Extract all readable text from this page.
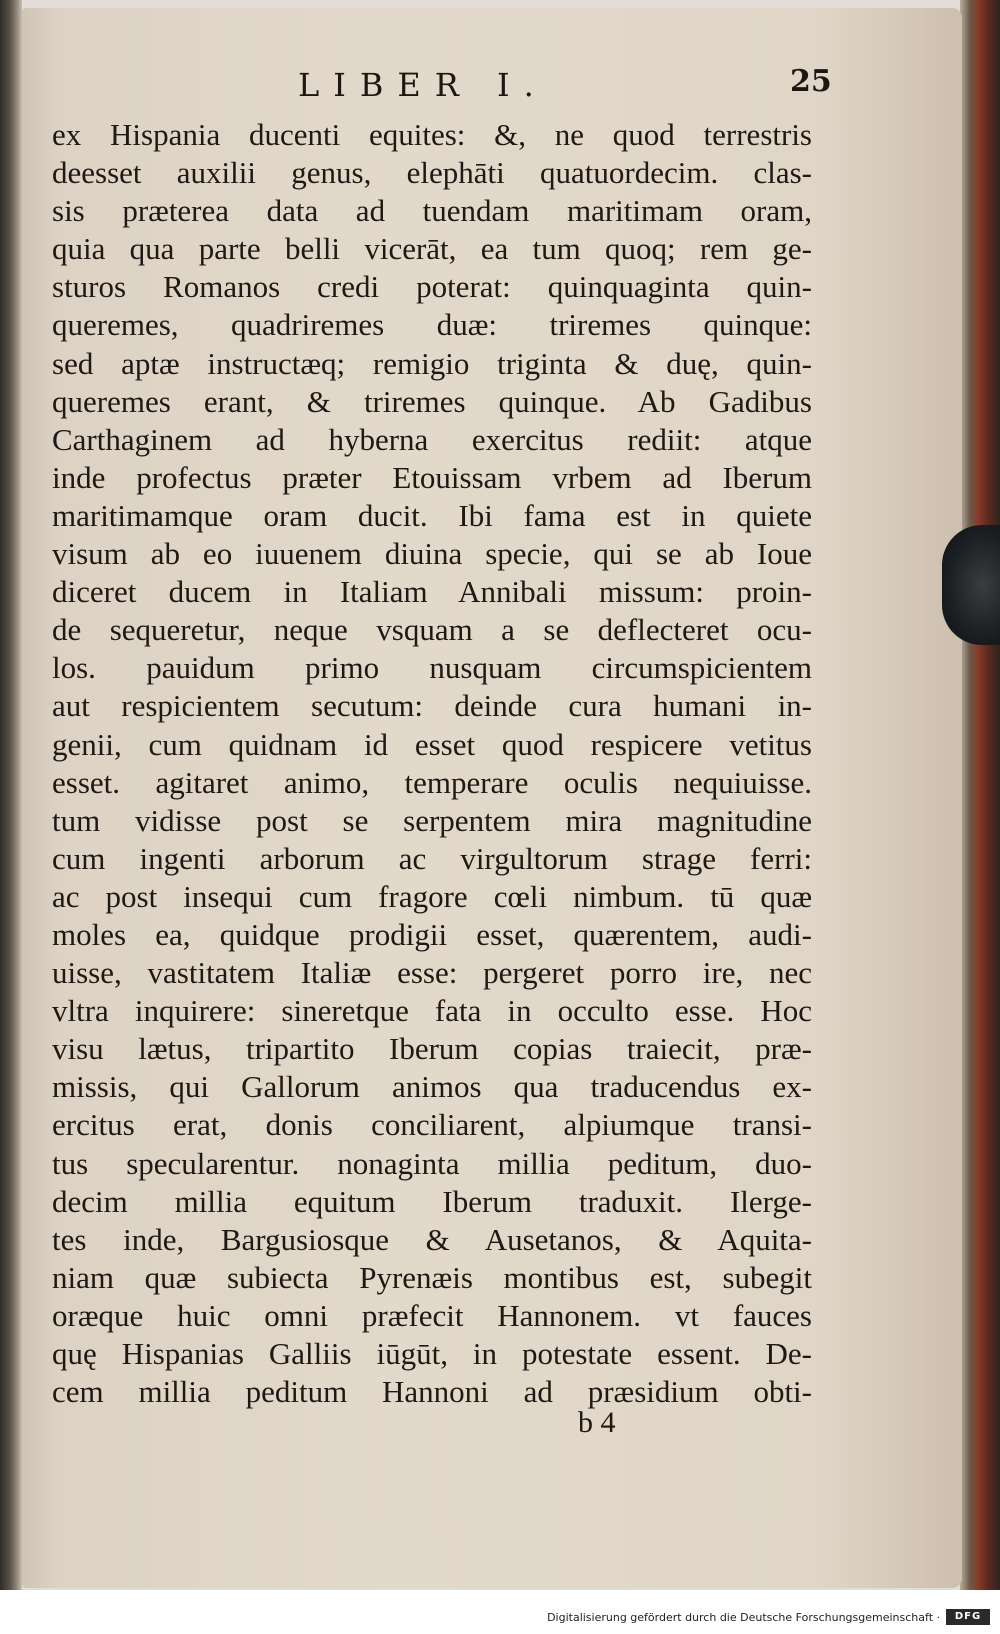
LIBER I.	25
ex Hispania ducenti equites: &, ne quod terrestris
deesset auxilii genus, elephāti quatuordecim. clas-
sis præterea data ad tuendam maritimam oram,
quia qua parte belli vicerāt, ea tum quoq; rem ge-
sturos Romanos credi poterat: quinquaginta quin-
queremes, quadriremes duæ: triremes quinque:
sed aptæ instructæq; remigio triginta & duę, quin-
queremes erant, & triremes quinque. Ab Gadibus
Carthaginem ad hyberna exercitus rediit: atque
inde profectus præter Etouissam vrbem ad Iberum
maritimamque oram ducit. Ibi fama est in quiete
visum ab eo iuuenem diuina specie, qui se ab Ioue
diceret ducem in Italiam Annibali missum: proin-
de sequeretur, neque vsquam a se deflecteret ocu-
los. pauidum primo nusquam circumspicientem
aut respicientem secutum: deinde cura humani in-
genii, cum quidnam id esset quod respicere vetitus
esset. agitaret animo, temperare oculis nequiuisse.
tum vidisse post se serpentem mira magnitudine
cum ingenti arborum ac virgultorum strage ferri:
ac post insequi cum fragore cœli nimbum. tū quæ
moles ea, quidque prodigii esset, quærentem, audi-
uisse, vastitatem Italiæ esse: pergeret porro ire, nec
vltra inquirere: sineretque fata in occulto esse. Hoc
visu lætus, tripartito Iberum copias traiecit, præ-
missis, qui Gallorum animos qua traducendus ex-
ercitus erat, donis conciliarent, alpiumque transi-
tus specularentur. nonaginta millia peditum, duo-
decim millia equitum Iberum traduxit. Ilerge-
tes inde, Bargusiosque & Ausetanos, & Aquita-
niam quæ subiecta Pyrenæis montibus est, subegit
oræque huic omni præfecit Hannonem. vt fauces
quę Hispanias Galliis iūgūt, in potestate essent. De-
cem millia peditum Hannoni ad præsidium obti-
b 4
Digitalisierung gefördert durch die Deutsche Forschungsgemeinschaft ·	DFG
